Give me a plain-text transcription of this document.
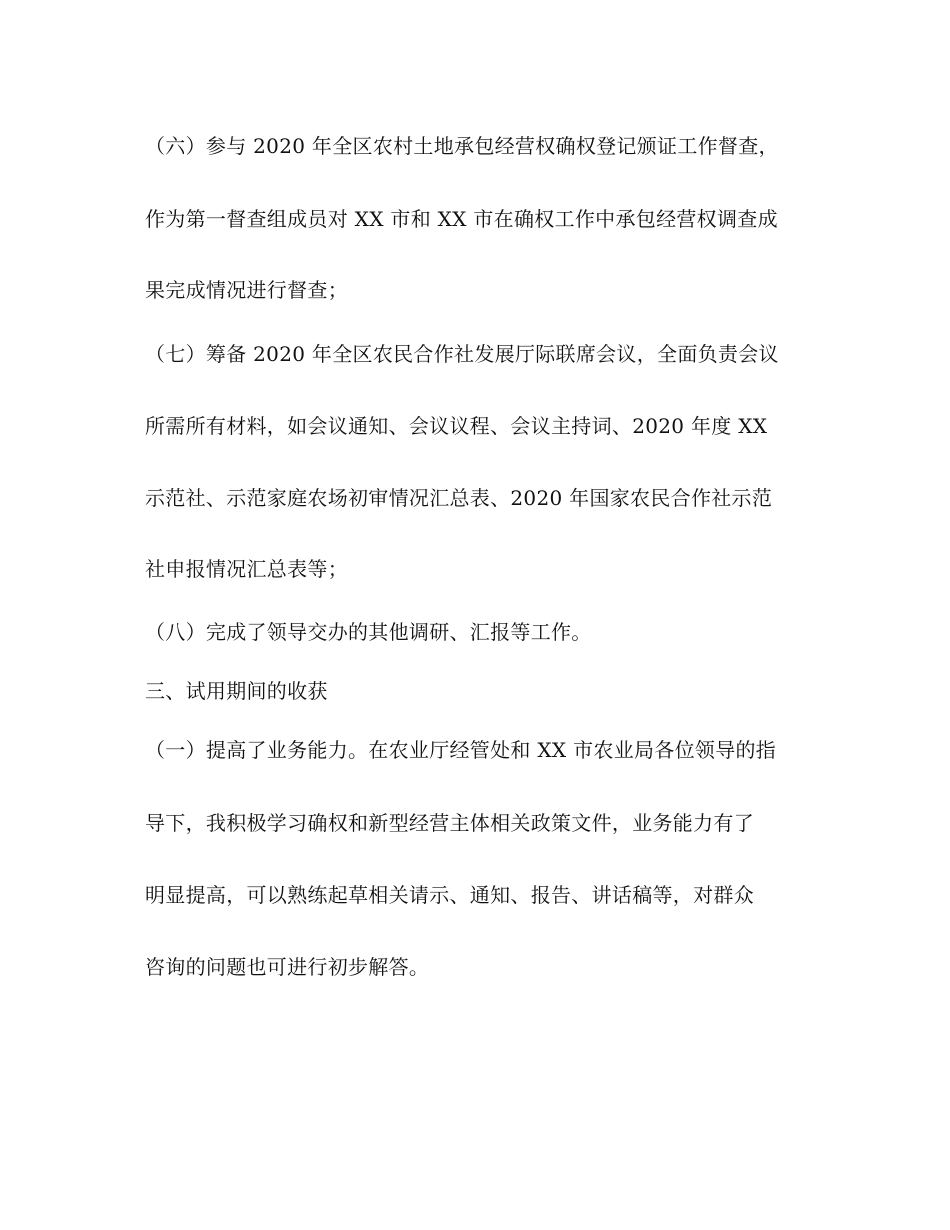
（六）参与 2020 年全区农村土地承包经营权确权登记颁证工作督查，
作为第一督查组成员对 XX 市和 XX 市在确权工作中承包经营权调查成
果完成情况进行督查；
（七）筹备 2020 年全区农民合作社发展厅际联席会议，全面负责会议
所需所有材料，如会议通知、会议议程、会议主持词、2020 年度 XX
示范社、示范家庭农场初审情况汇总表、2020 年国家农民合作社示范
社申报情况汇总表等；
（八）完成了领导交办的其他调研、汇报等工作。
三、试用期间的收获
（一）提高了业务能力。在农业厅经管处和 XX 市农业局各位领导的指
导下，我积极学习确权和新型经营主体相关政策文件，业务能力有了
明显提高，可以熟练起草相关请示、通知、报告、讲话稿等，对群众
咨询的问题也可进行初步解答。
